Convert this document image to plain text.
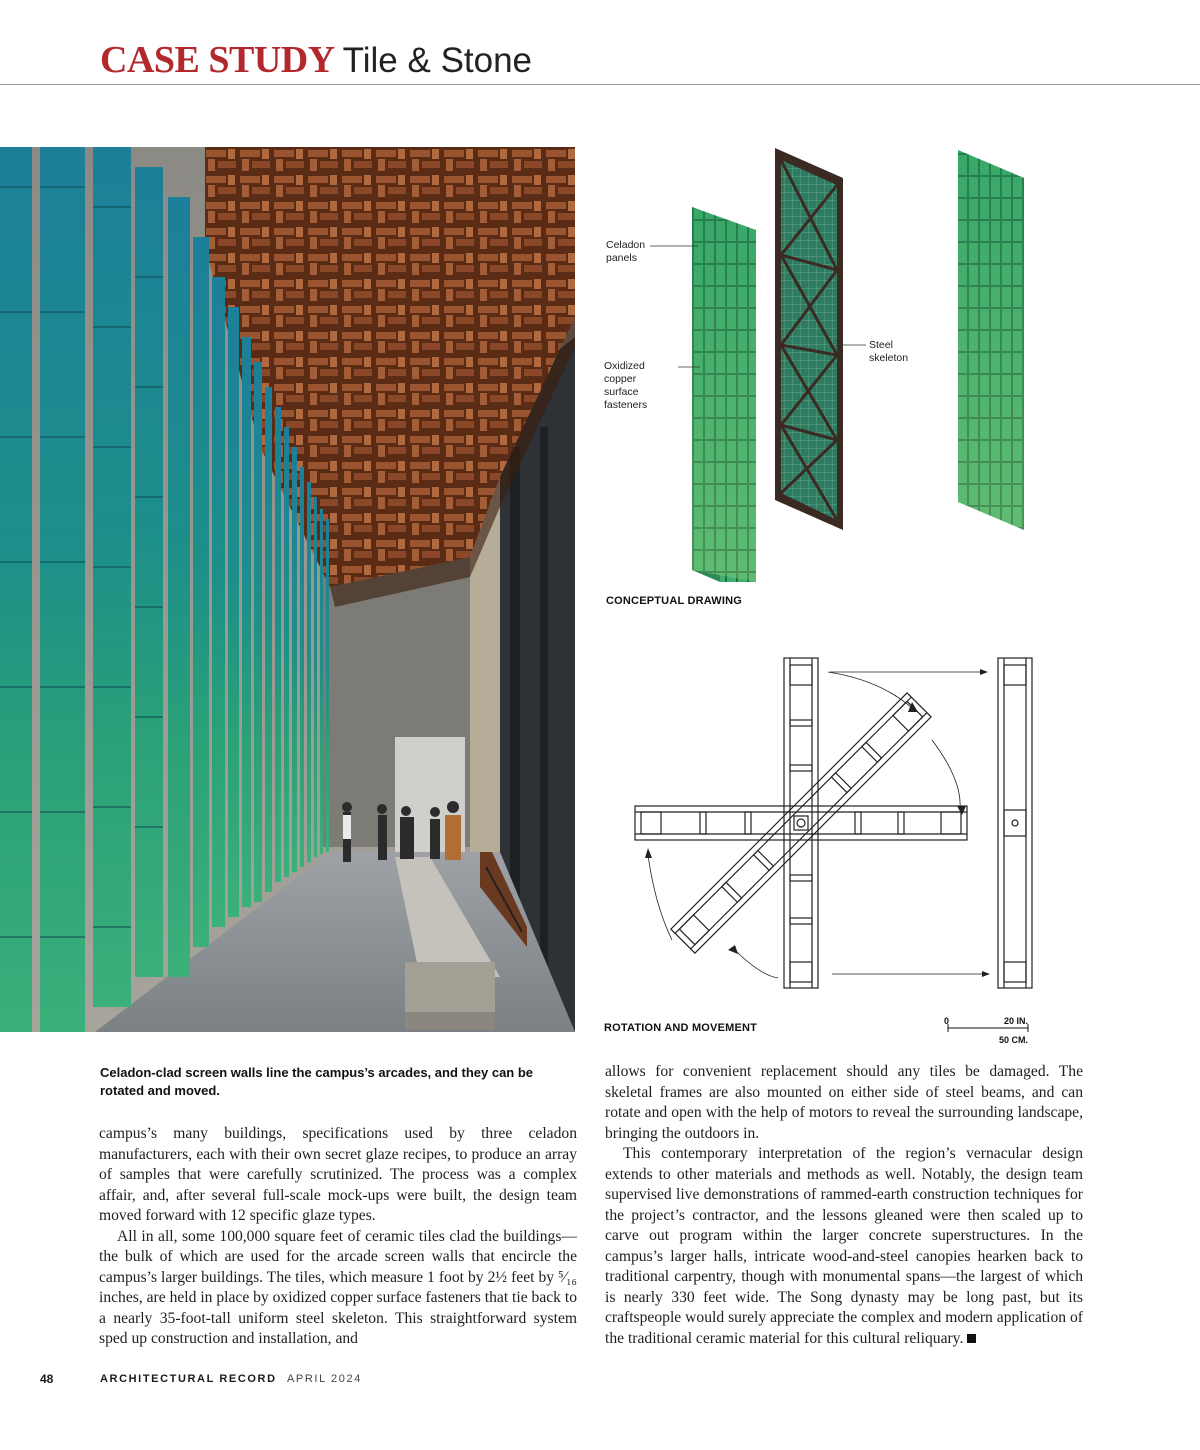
CASE STUDY Tile & Stone
Celadon
panels
Oxidized
copper
surface
fasteners
Steel
skeleton
CONCEPTUAL DRAWING
ROTATION AND MOVEMENT
0	20 IN.
50 CM.
Celadon-clad screen walls line the campus’s arcades, and they can be rotated and moved.

campus’s many buildings, specifications used by three celadon manufacturers, each with their own secret glaze recipes, to produce an array of samples that were carefully scrutinized. The process was a complex affair, and, after several full-scale mock-ups were built, the design team moved forward with 12 specific glaze types.

All in all, some 100,000 square feet of ceramic tiles clad the buildings—the bulk of which are used for the arcade screen walls that encircle the campus’s larger buildings. The tiles, which measure 1 foot by 2½ feet by ⁵⁄₁₆ inches, are held in place by oxidized copper surface fasteners that tie back to a nearly 35-foot-tall uniform steel skeleton. This straightforward system sped up construction and installation, and

allows for convenient replacement should any tiles be damaged. The skeletal frames are also mounted on either side of steel beams, and can rotate and open with the help of motors to reveal the surrounding landscape, bringing the outdoors in.

This contemporary interpretation of the region’s vernacular design extends to other materials and methods as well. Notably, the design team supervised live demonstrations of rammed-earth construction techniques for the project’s contractor, and the lessons gleaned were then scaled up to carve out program within the larger concrete superstructures. In the campus’s larger halls, intricate wood-and-steel canopies hearken back to traditional carpentry, though with monumental spans—the largest of which is nearly 330 feet wide. The Song dynasty may be long past, but its craftspeople would surely appreciate the complex and modern application of the traditional ceramic material for this cultural reliquary.

48	ARCHITECTURAL RECORD APRIL 2024
